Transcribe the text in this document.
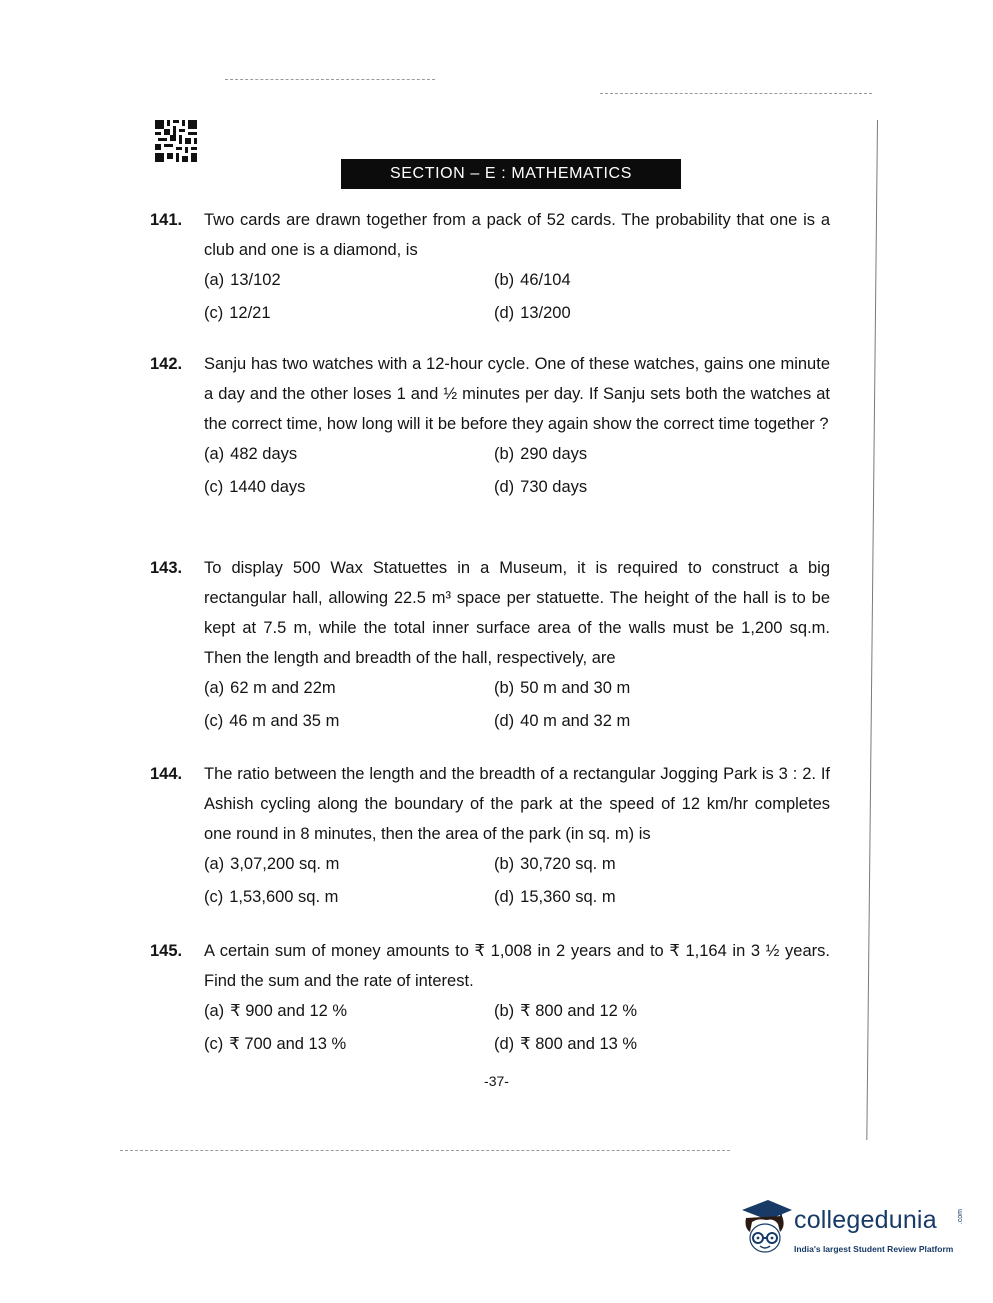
SECTION – E : MATHEMATICS
141. Two cards are drawn together from a pack of 52 cards. The probability that one is a club and one is a diamond, is
(a) 13/102	(b) 46/104
(c) 12/21	(d) 13/200
142. Sanju has two watches with a 12-hour cycle. One of these watches, gains one minute a day and the other loses 1 and ½ minutes per day. If Sanju sets both the watches at the correct time, how long will it be before they again show the correct time together ?
(a) 482 days	(b) 290 days
(c) 1440 days	(d) 730 days
143. To display 500 Wax Statuettes in a Museum, it is required to construct a big rectangular hall, allowing 22.5 m³ space per statuette. The height of the hall is to be kept at 7.5 m, while the total inner surface area of the walls must be 1,200 sq.m. Then the length and breadth of the hall, respectively, are
(a) 62 m and 22m	(b) 50 m and 30 m
(c) 46 m and 35 m	(d) 40 m and 32 m
144. The ratio between the length and the breadth of a rectangular Jogging Park is 3 : 2. If Ashish cycling along the boundary of the park at the speed of 12 km/hr completes one round in 8 minutes, then the area of the park (in sq. m) is
(a) 3,07,200 sq. m	(b) 30,720 sq. m
(c) 1,53,600 sq. m	(d) 15,360 sq. m
145. A certain sum of money amounts to ₹ 1,008 in 2 years and to ₹ 1,164 in 3 ½ years. Find the sum and the rate of interest.
(a) ₹ 900 and 12 %	(b) ₹ 800 and 12 %
(c) ₹ 700 and 13 %	(d) ₹ 800 and 13 %
-37-
collegedunia	.com
India's largest Student Review Platform
